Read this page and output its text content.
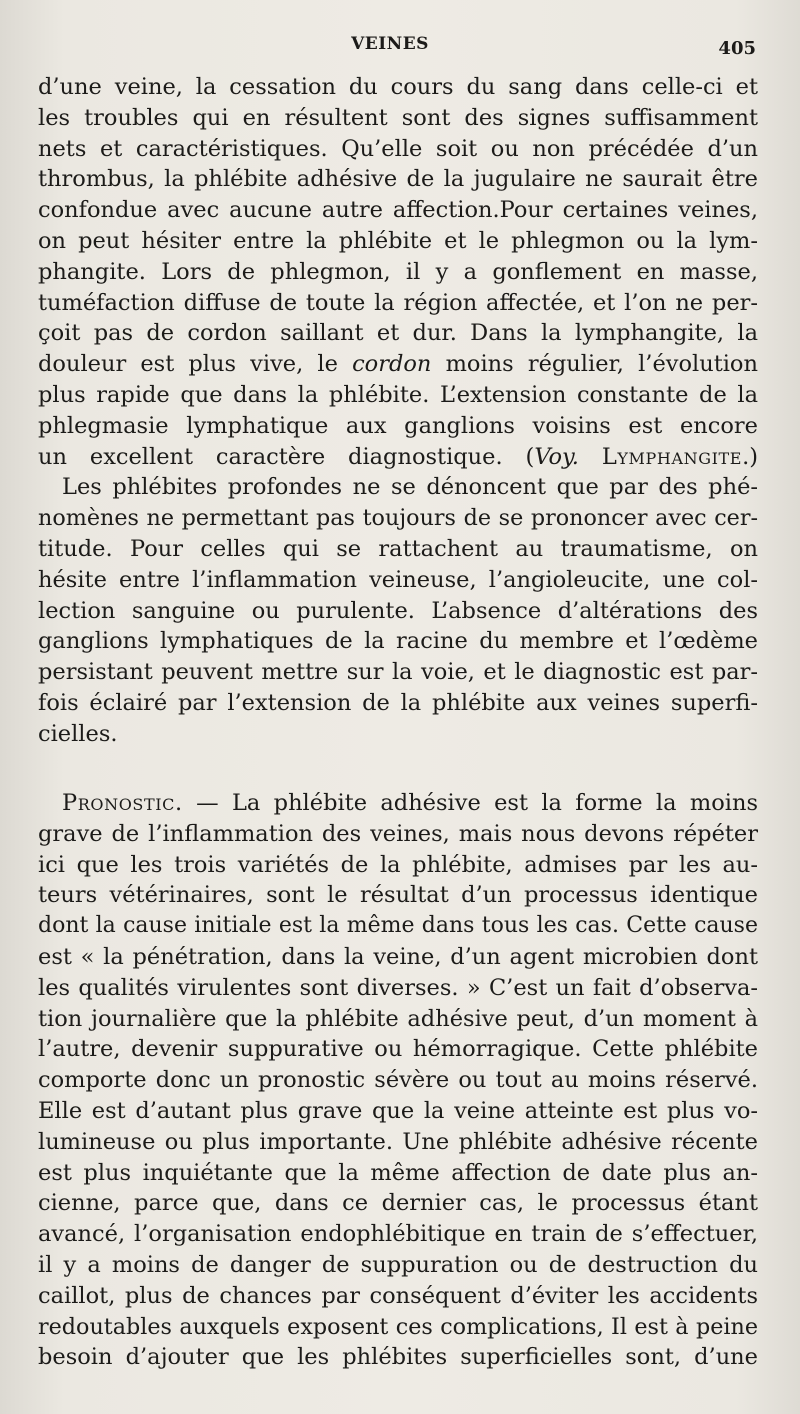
VEINES	405
d’une veine, la cessation du cours du sang dans celle-ci et
les troubles qui en résultent sont des signes suffisamment
nets et caractéristiques. Qu’elle soit ou non précédée d’un
thrombus, la phlébite adhésive de la jugulaire ne saurait être
confondue avec aucune autre affection.Pour certaines veines,
on peut hésiter entre la phlébite et le phlegmon ou la lym-
phangite. Lors de phlegmon, il y a gonflement en masse,
tuméfaction diffuse de toute la région affectée, et l’on ne per-
çoit pas de cordon saillant et dur. Dans la lymphangite, la
douleur est plus vive, le cordon moins régulier, l’évolution
plus rapide que dans la phlébite. L’extension constante de la
phlegmasie lymphatique aux ganglions voisins est encore
un excellent caractère diagnostique. (Voy. Lymphangite.)
Les phlébites profondes ne se dénoncent que par des phé-
nomènes ne permettant pas toujours de se prononcer avec cer-
titude. Pour celles qui se rattachent au traumatisme, on
hésite entre l’inflammation veineuse, l’angioleucite, une col-
lection sanguine ou purulente. L’absence d’altérations des
ganglions lymphatiques de la racine du membre et l’œdème
persistant peuvent mettre sur la voie, et le diagnostic est par-
fois éclairé par l’extension de la phlébite aux veines superfi-
cielles.
Pronostic. — La phlébite adhésive est la forme la moins
grave de l’inflammation des veines, mais nous devons répéter
ici que les trois variétés de la phlébite, admises par les au-
teurs vétérinaires, sont le résultat d’un processus identique
dont la cause initiale est la même dans tous les cas. Cette cause
est « la pénétration, dans la veine, d’un agent microbien dont
les qualités virulentes sont diverses. » C’est un fait d’observa-
tion journalière que la phlébite adhésive peut, d’un moment à
l’autre, devenir suppurative ou hémorragique. Cette phlébite
comporte donc un pronostic sévère ou tout au moins réservé.
Elle est d’autant plus grave que la veine atteinte est plus vo-
lumineuse ou plus importante. Une phlébite adhésive récente
est plus inquiétante que la même affection de date plus an-
cienne, parce que, dans ce dernier cas, le processus étant
avancé, l’organisation endophlébitique en train de s’effectuer,
il y a moins de danger de suppuration ou de destruction du
caillot, plus de chances par conséquent d’éviter les accidents
redoutables auxquels exposent ces complications, Il est à peine
besoin d’ajouter que les phlébites superficielles sont, d’une
